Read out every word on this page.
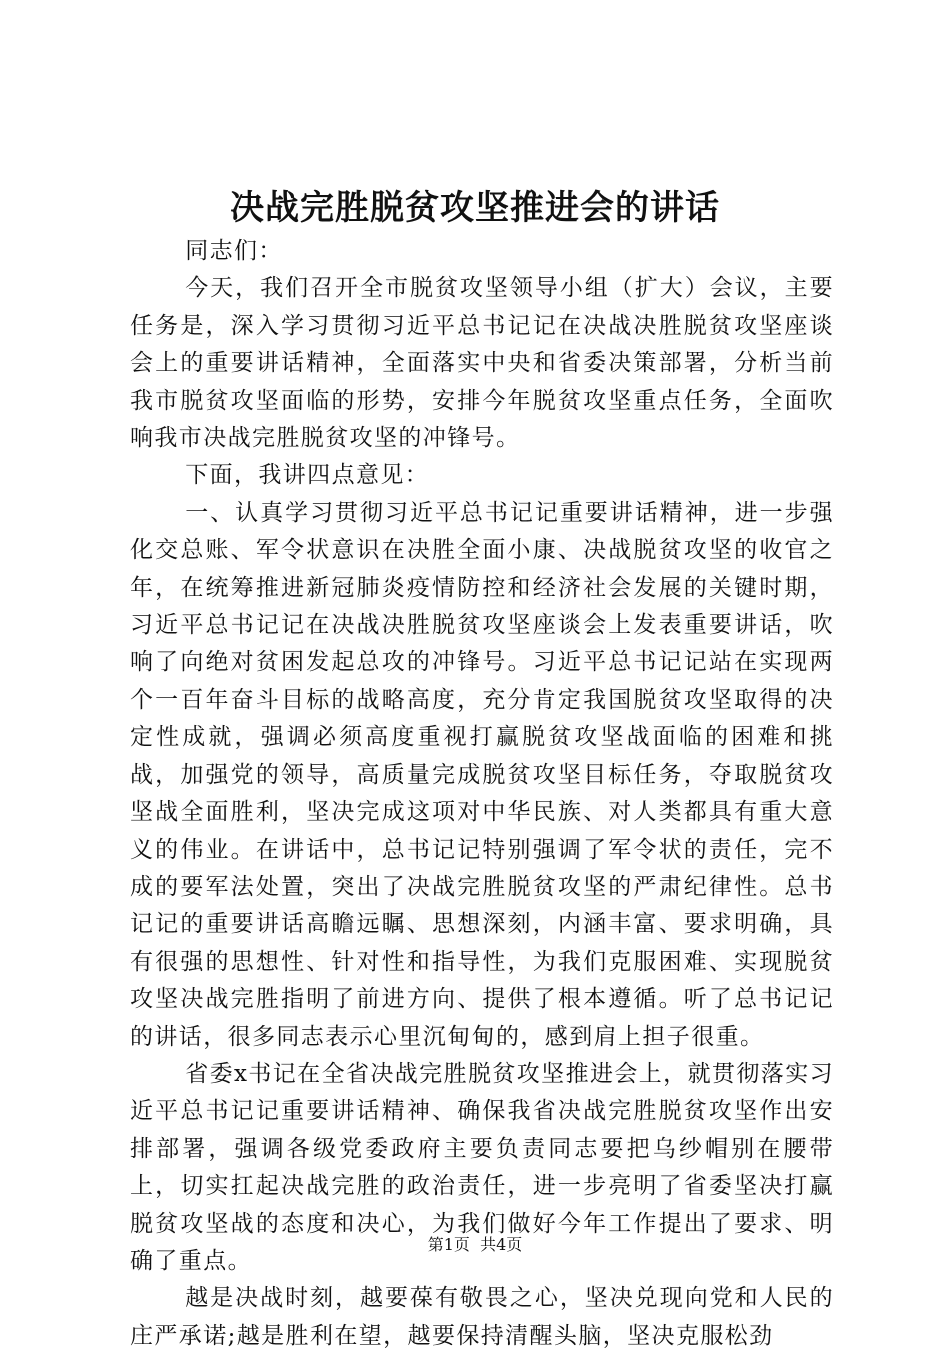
决战完胜脱贫攻坚推进会的讲话

同志们：

今天，我们召开全市脱贫攻坚领导小组（扩大）会议，主要任务是，深入学习贯彻习近平总书记记在决战决胜脱贫攻坚座谈会上的重要讲话精神，全面落实中央和省委决策部署，分析当前我市脱贫攻坚面临的形势，安排今年脱贫攻坚重点任务，全面吹响我市决战完胜脱贫攻坚的冲锋号。

下面，我讲四点意见：

一、认真学习贯彻习近平总书记记重要讲话精神，进一步强化交总账、军令状意识在决胜全面小康、决战脱贫攻坚的收官之年，在统筹推进新冠肺炎疫情防控和经济社会发展的关键时期，习近平总书记记在决战决胜脱贫攻坚座谈会上发表重要讲话，吹响了向绝对贫困发起总攻的冲锋号。习近平总书记记站在实现两个一百年奋斗目标的战略高度，充分肯定我国脱贫攻坚取得的决定性成就，强调必须高度重视打赢脱贫攻坚战面临的困难和挑战，加强党的领导，高质量完成脱贫攻坚目标任务，夺取脱贫攻坚战全面胜利，坚决完成这项对中华民族、对人类都具有重大意义的伟业。在讲话中，总书记记特别强调了军令状的责任，完不成的要军法处置，突出了决战完胜脱贫攻坚的严肃纪律性。总书记记的重要讲话高瞻远瞩、思想深刻，内涵丰富、要求明确，具有很强的思想性、针对性和指导性，为我们克服困难、实现脱贫攻坚决战完胜指明了前进方向、提供了根本遵循。听了总书记记的讲话，很多同志表示心里沉甸甸的，感到肩上担子很重。

省委x书记在全省决战完胜脱贫攻坚推进会上，就贯彻落实习近平总书记记重要讲话精神、确保我省决战完胜脱贫攻坚作出安排部署，强调各级党委政府主要负责同志要把乌纱帽别在腰带上，切实扛起决战完胜的政治责任，进一步亮明了省委坚决打赢脱贫攻坚战的态度和决心，为我们做好今年工作提出了要求、明确了重点。

越是决战时刻，越要葆有敬畏之心，坚决兑现向党和人民的庄严承诺;越是胜利在望，越要保持清醒头脑，坚决克服松劲

第1页 共4页
